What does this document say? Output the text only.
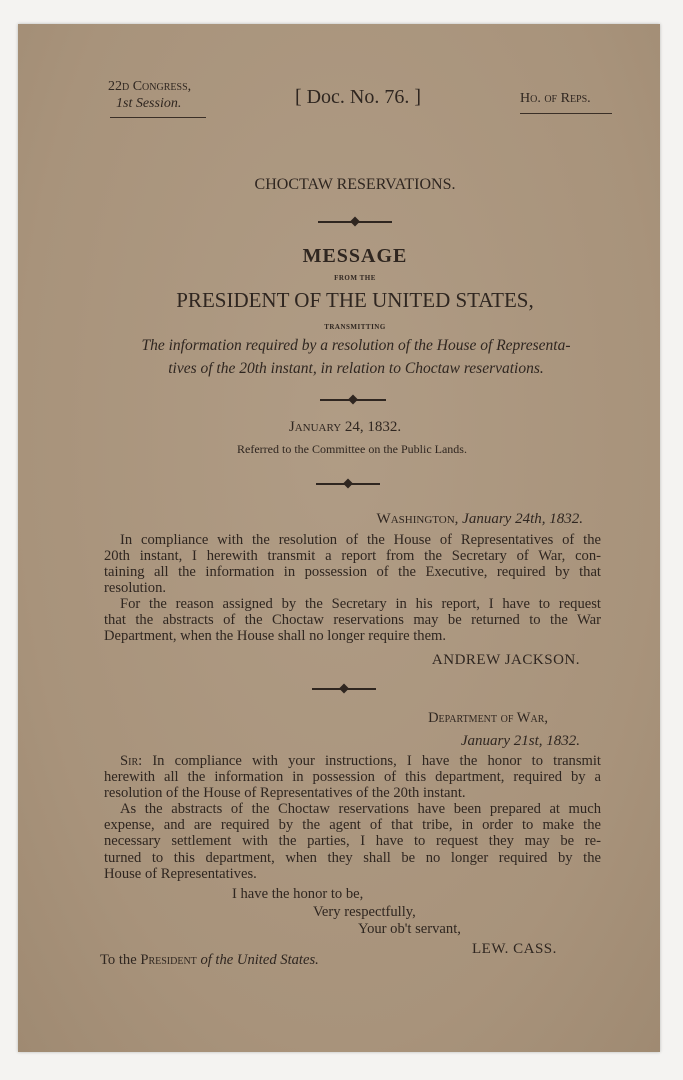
22d Congress,
1st Session.	[ Doc. No. 76. ]	Ho. of Reps.
CHOCTAW RESERVATIONS.
MESSAGE
FROM THE
PRESIDENT OF THE UNITED STATES,
TRANSMITTING
The information required by a resolution of the House of Representa-
tives of the 20th instant, in relation to Choctaw reservations.
January 24, 1832.
Referred to the Committee on the Public Lands.
Washington, January 24th, 1832.
In compliance with the resolution of the House of Representatives of the
20th instant, I herewith transmit a report from the Secretary of War, con-
taining all the information in possession of the Executive, required by that
resolution.
For the reason assigned by the Secretary in his report, I have to request
that the abstracts of the Choctaw reservations may be returned to the War
Department, when the House shall no longer require them.
ANDREW JACKSON.
Department of War,
January 21st, 1832.
Sir: In compliance with your instructions, I have the honor to transmit
herewith all the information in possession of this department, required by a
resolution of the House of Representatives of the 20th instant.
As the abstracts of the Choctaw reservations have been prepared at much
expense, and are required by the agent of that tribe, in order to make the
necessary settlement with the parties, I have to request they may be re-
turned to this department, when they shall be no longer required by the
House of Representatives.
I have the honor to be,
Very respectfully,
Your ob't servant,
LEW. CASS.
To the President of the United States.
